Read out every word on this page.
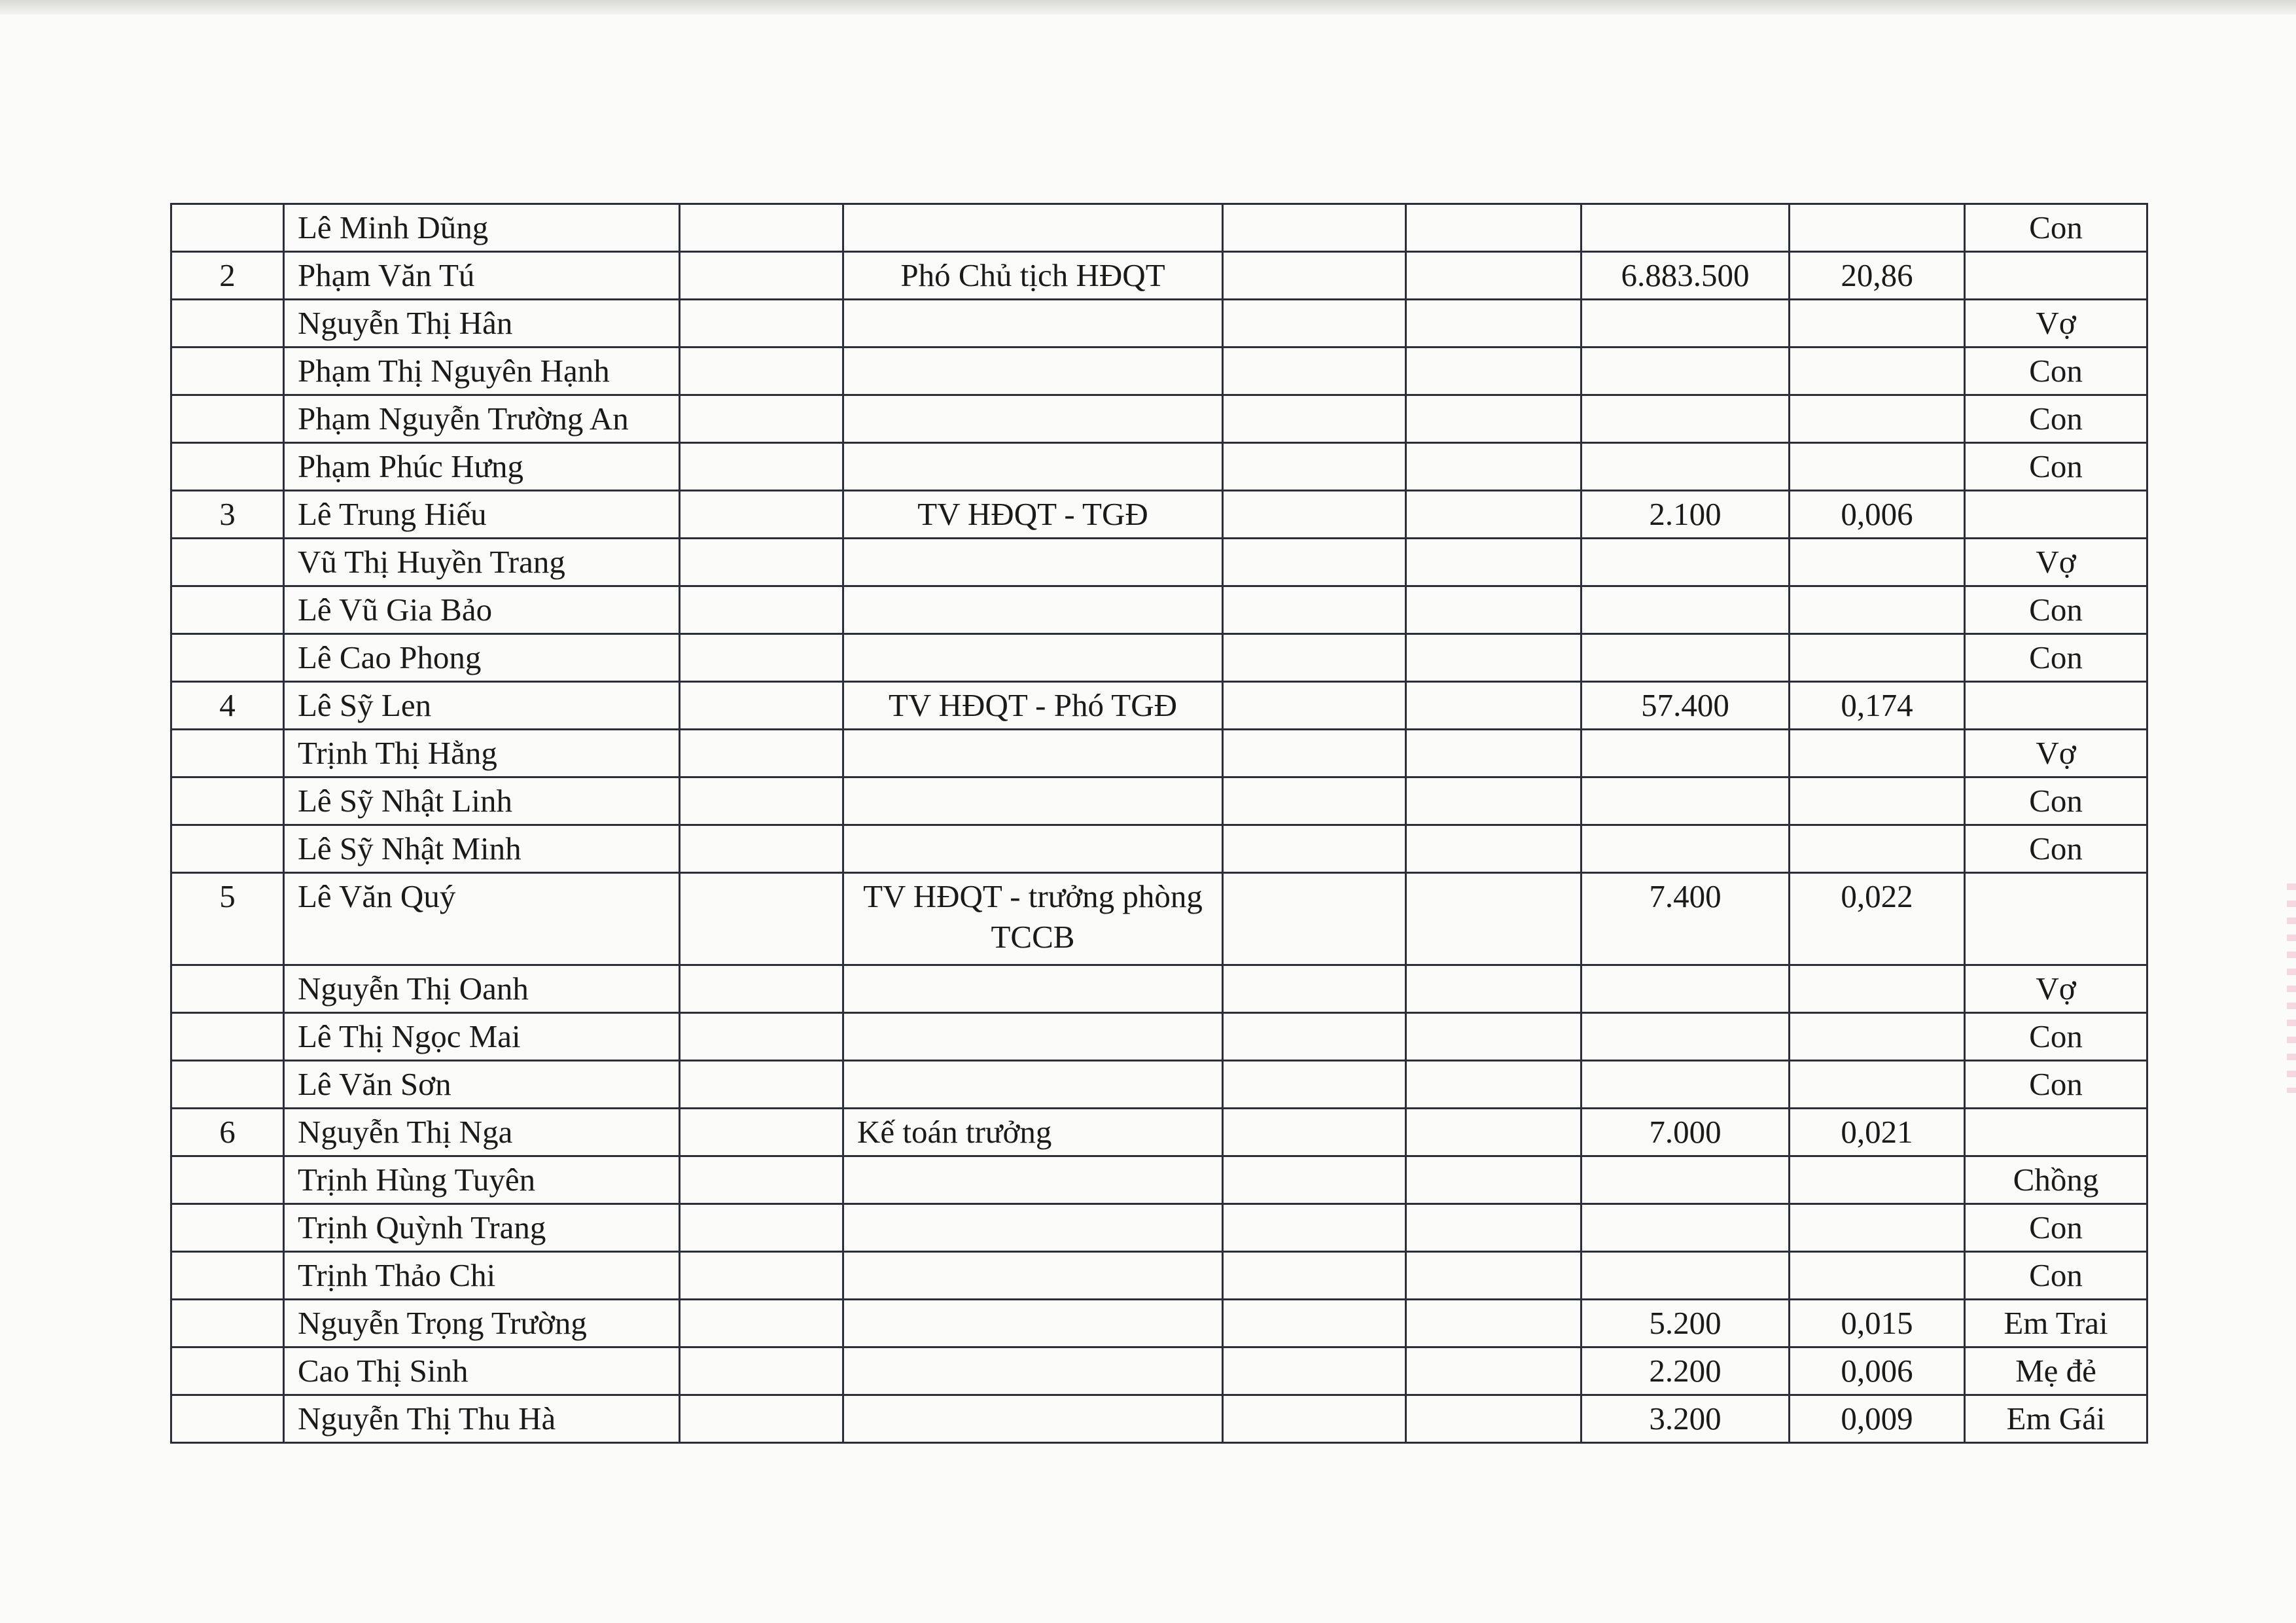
	Lê Minh Dũng							Con
2	Phạm Văn Tú		Phó Chủ tịch HĐQT			6.883.500	20,86	
	Nguyễn Thị Hân							Vợ
	Phạm Thị Nguyên Hạnh							Con
	Phạm Nguyễn Trường An							Con
	Phạm Phúc Hưng							Con
3	Lê Trung Hiếu		TV HĐQT - TGĐ			2.100	0,006	
	Vũ Thị Huyền Trang							Vợ
	Lê Vũ Gia Bảo							Con
	Lê Cao Phong							Con
4	Lê Sỹ Len		TV HĐQT - Phó TGĐ			57.400	0,174	
	Trịnh Thị Hằng							Vợ
	Lê Sỹ Nhật Linh							Con
	Lê Sỹ Nhật Minh							Con
5	Lê Văn Quý		TV HĐQT - trưởng phòng TCCB			7.400	0,022	
	Nguyễn Thị Oanh							Vợ
	Lê Thị Ngọc Mai							Con
	Lê Văn Sơn							Con
6	Nguyễn Thị Nga		Kế toán trưởng			7.000	0,021	
	Trịnh Hùng Tuyên							Chồng
	Trịnh Quỳnh Trang							Con
	Trịnh Thảo Chi							Con
	Nguyễn Trọng Trường					5.200	0,015	Em Trai
	Cao Thị Sinh					2.200	0,006	Mẹ đẻ
	Nguyễn Thị Thu Hà					3.200	0,009	Em Gái
